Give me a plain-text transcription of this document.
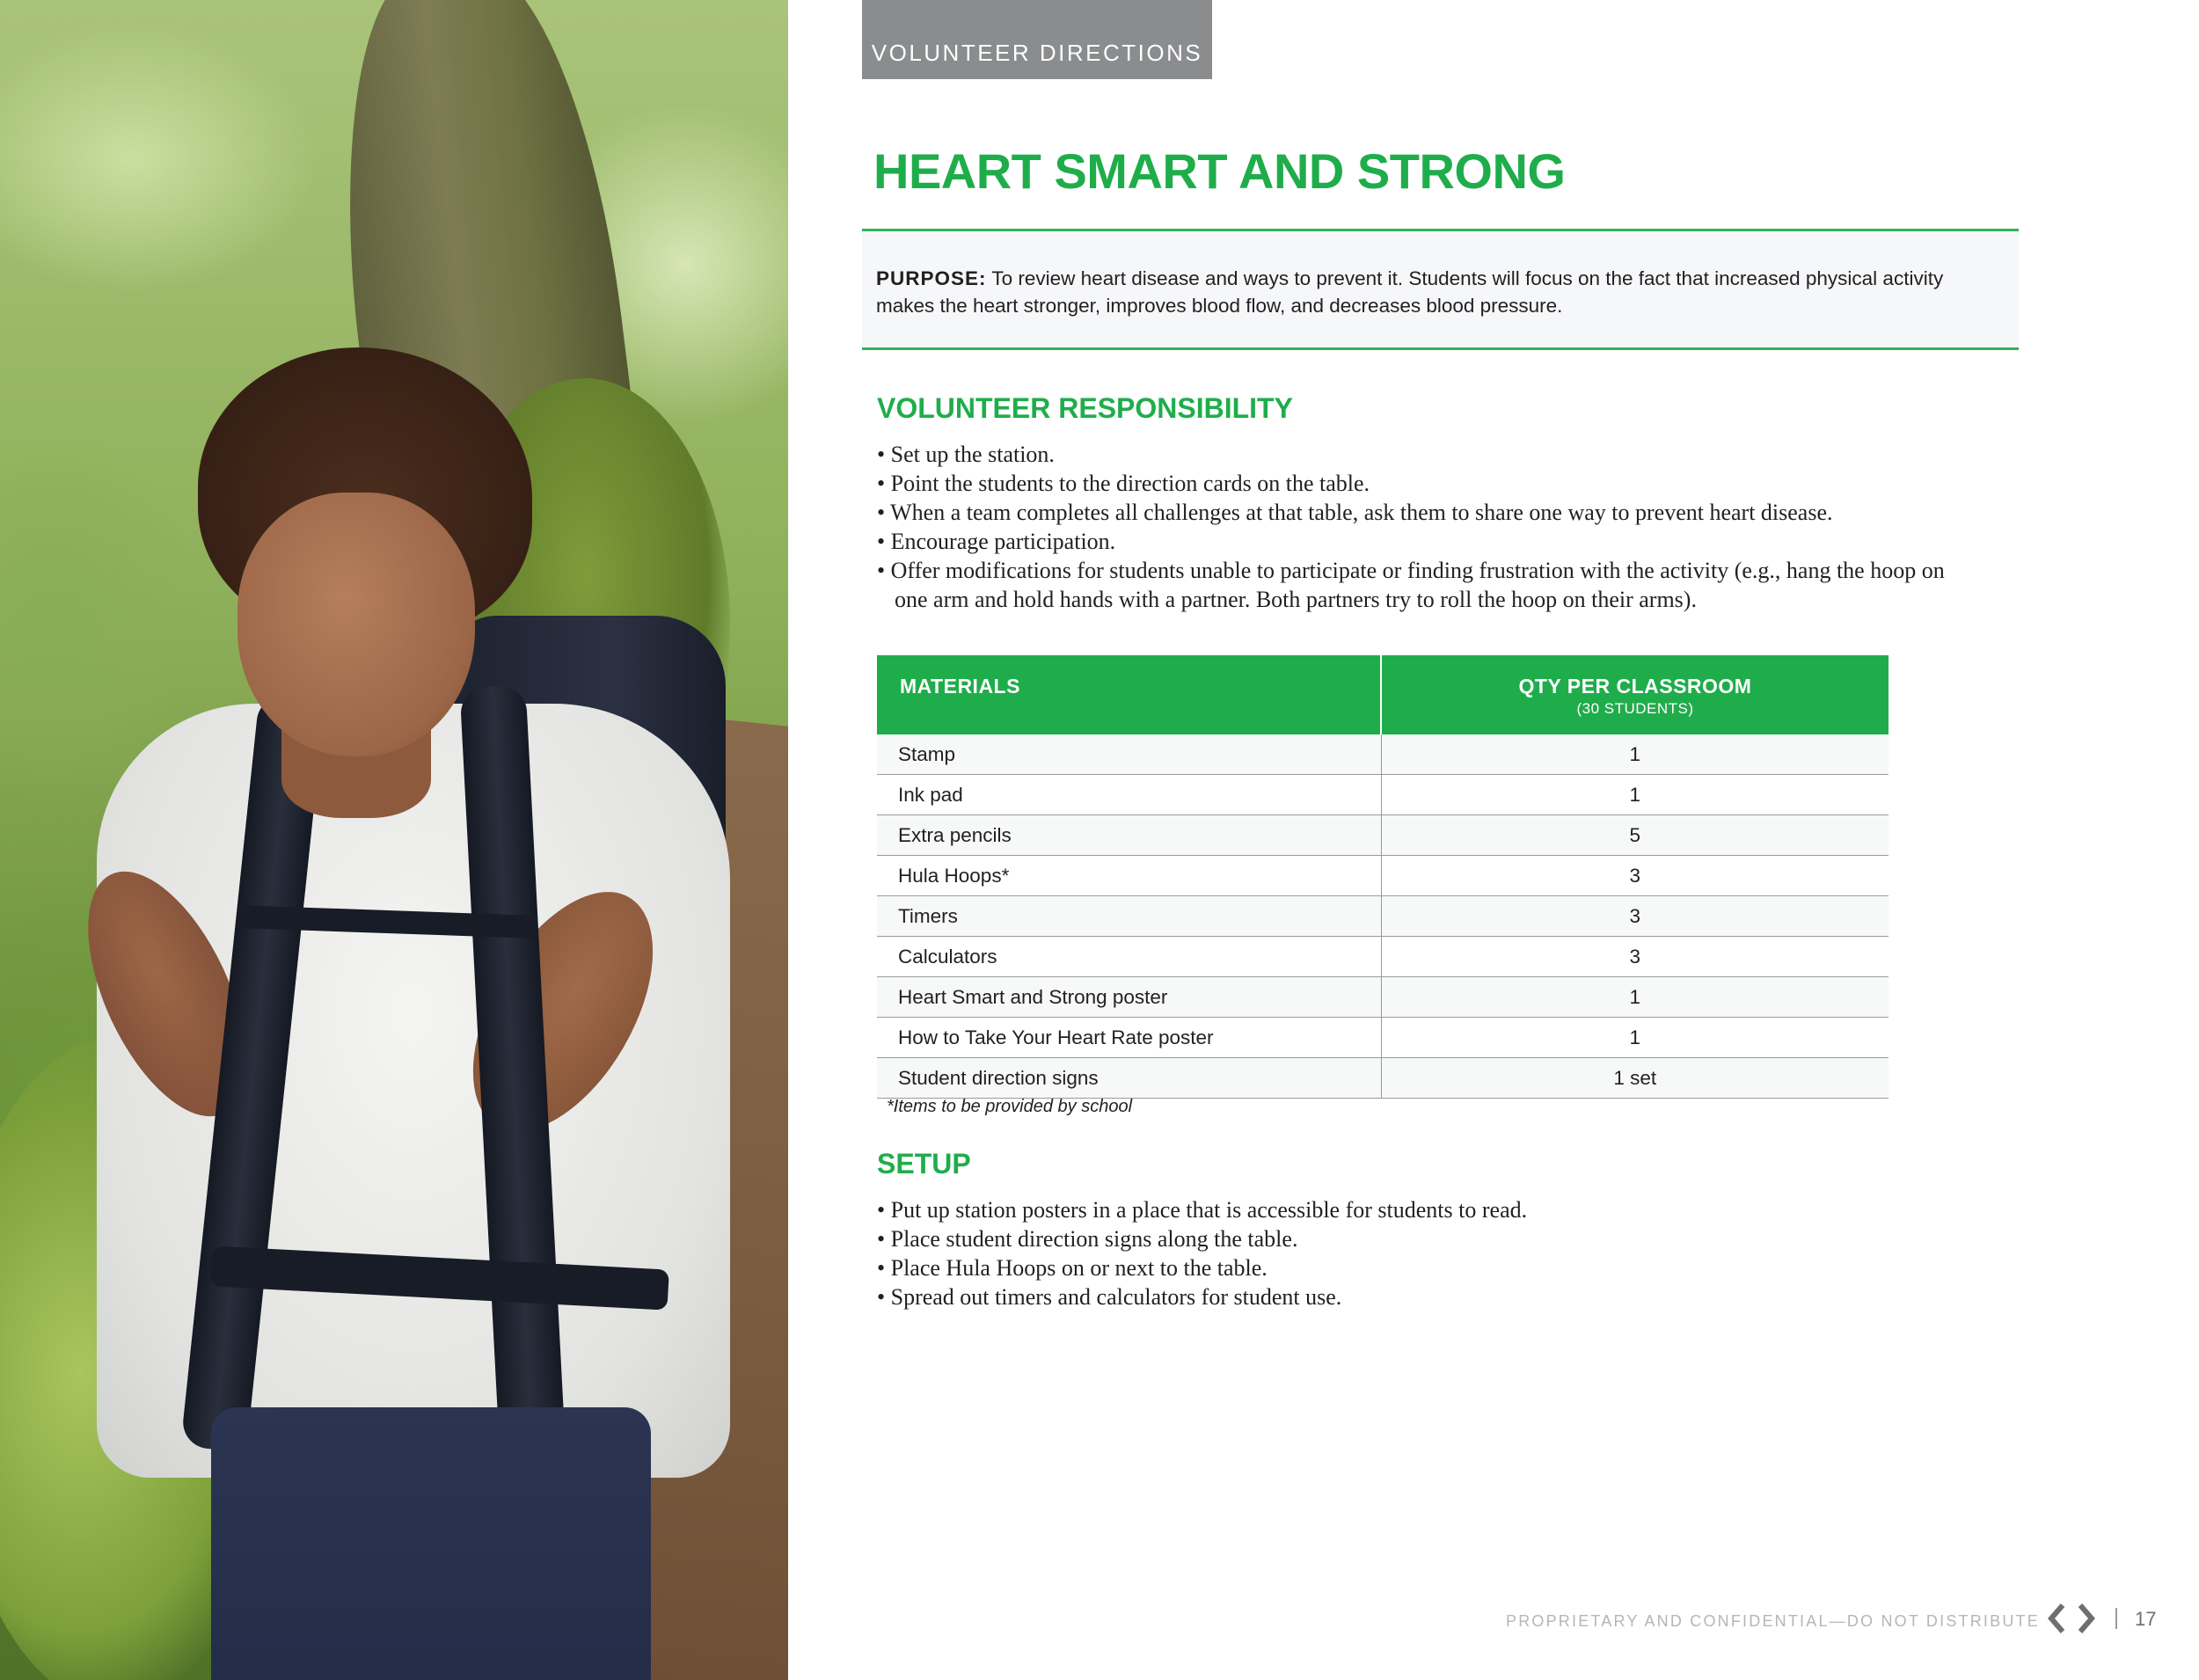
VOLUNTEER DIRECTIONS
HEART SMART AND STRONG
PURPOSE: To review heart disease and ways to prevent it. Students will focus on the fact that increased physical activity makes the heart stronger, improves blood flow, and decreases blood pressure.
VOLUNTEER RESPONSIBILITY
• Set up the station.
• Point the students to the direction cards on the table.
• When a team completes all challenges at that table, ask them to share one way to prevent heart disease.
• Encourage participation.
• Offer modifications for students unable to participate or finding frustration with the activity (e.g., hang the hoop on one arm and hold hands with a partner. Both partners try to roll the hoop on their arms).
MATERIALS	QTY PER CLASSROOM
(30 STUDENTS)

Stamp	1
Ink pad	1
Extra pencils	5
Hula Hoops*	3
Timers	3
Calculators	3
Heart Smart and Strong poster	1
How to Take Your Heart Rate poster	1
Student direction signs	1 set
*Items to be provided by school
SETUP
• Put up station posters in a place that is accessible for students to read.
• Place student direction signs along the table.
• Place Hula Hoops on or next to the table.
• Spread out timers and calculators for student use.
PROPRIETARY AND CONFIDENTIAL—DO NOT DISTRIBUTE	17
